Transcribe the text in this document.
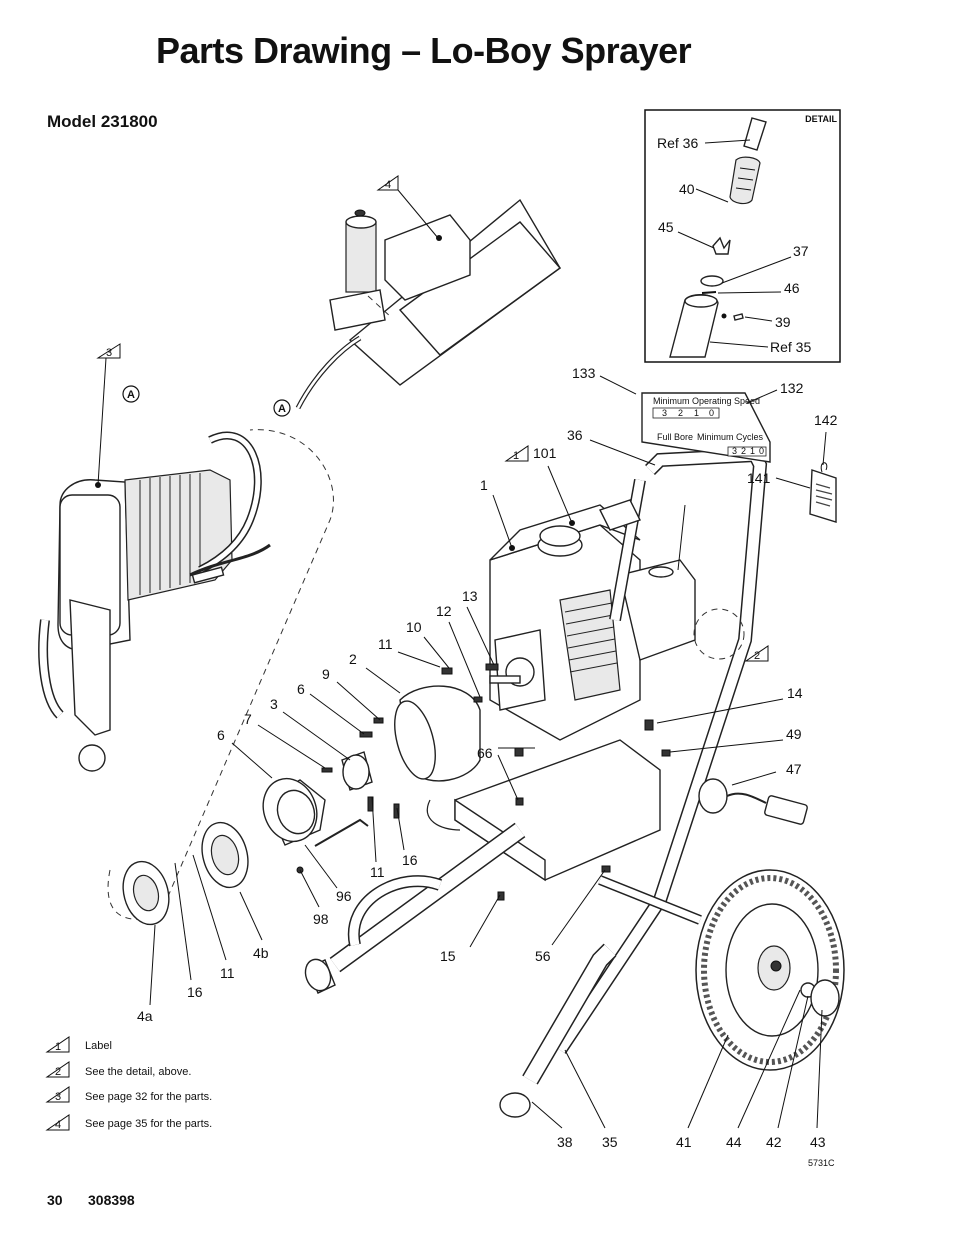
Parts Drawing – Lo-Boy Sprayer
Model 231800	DETAIL
Ref 36
40
45
37
46
39
Ref 35
Minimum Operating Speed
3 2 1 0
Full Bore Minimum Cycles
3 2 1 0
4
3
1
2
A
A
133
132
36
101
142
141
1
13
12
10
11
2
9
6
3
7
6
66
14
49
47
16
11
96
98
4b
11
16
4a
15	56
38 35	41 44 42 43
5731C
1 Label
2 See the detail, above.
3 See page 32 for the parts.
4 See page 35 for the parts.
30 308398
